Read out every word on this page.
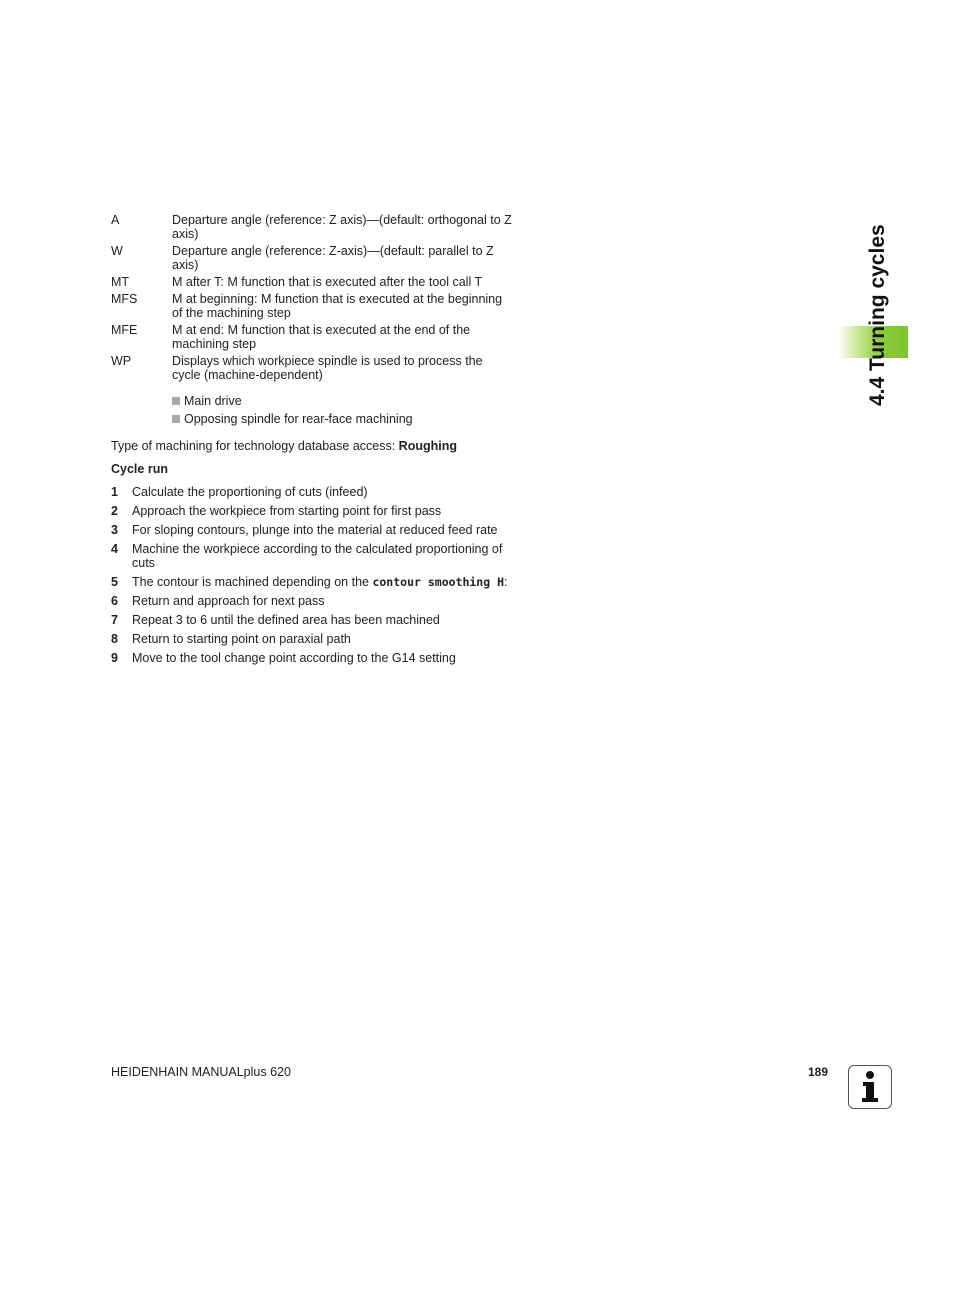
A	Departure angle (reference: Z axis)—(default: orthogonal to Z axis)
W	Departure angle (reference: Z-axis)—(default: parallel to Z axis)
MT	M after T: M function that is executed after the tool call T
MFS	M at beginning: M function that is executed at the beginning of the machining step
MFE	M at end: M function that is executed at the end of the machining step
WP	Displays which workpiece spindle is used to process the cycle (machine-dependent)
Main drive
Opposing spindle for rear-face machining
Type of machining for technology database access: Roughing
Cycle run
1	Calculate the proportioning of cuts (infeed)
2	Approach the workpiece from starting point for first pass
3	For sloping contours, plunge into the material at reduced feed rate
4	Machine the workpiece according to the calculated proportioning of cuts
5	The contour is machined depending on the contour smoothing H:
6	Return and approach for next pass
7	Repeat 3 to 6 until the defined area has been machined
8	Return to starting point on paraxial path
9	Move to the tool change point according to the G14 setting
4.4 Turning cycles
HEIDENHAIN MANUALplus 620	189
